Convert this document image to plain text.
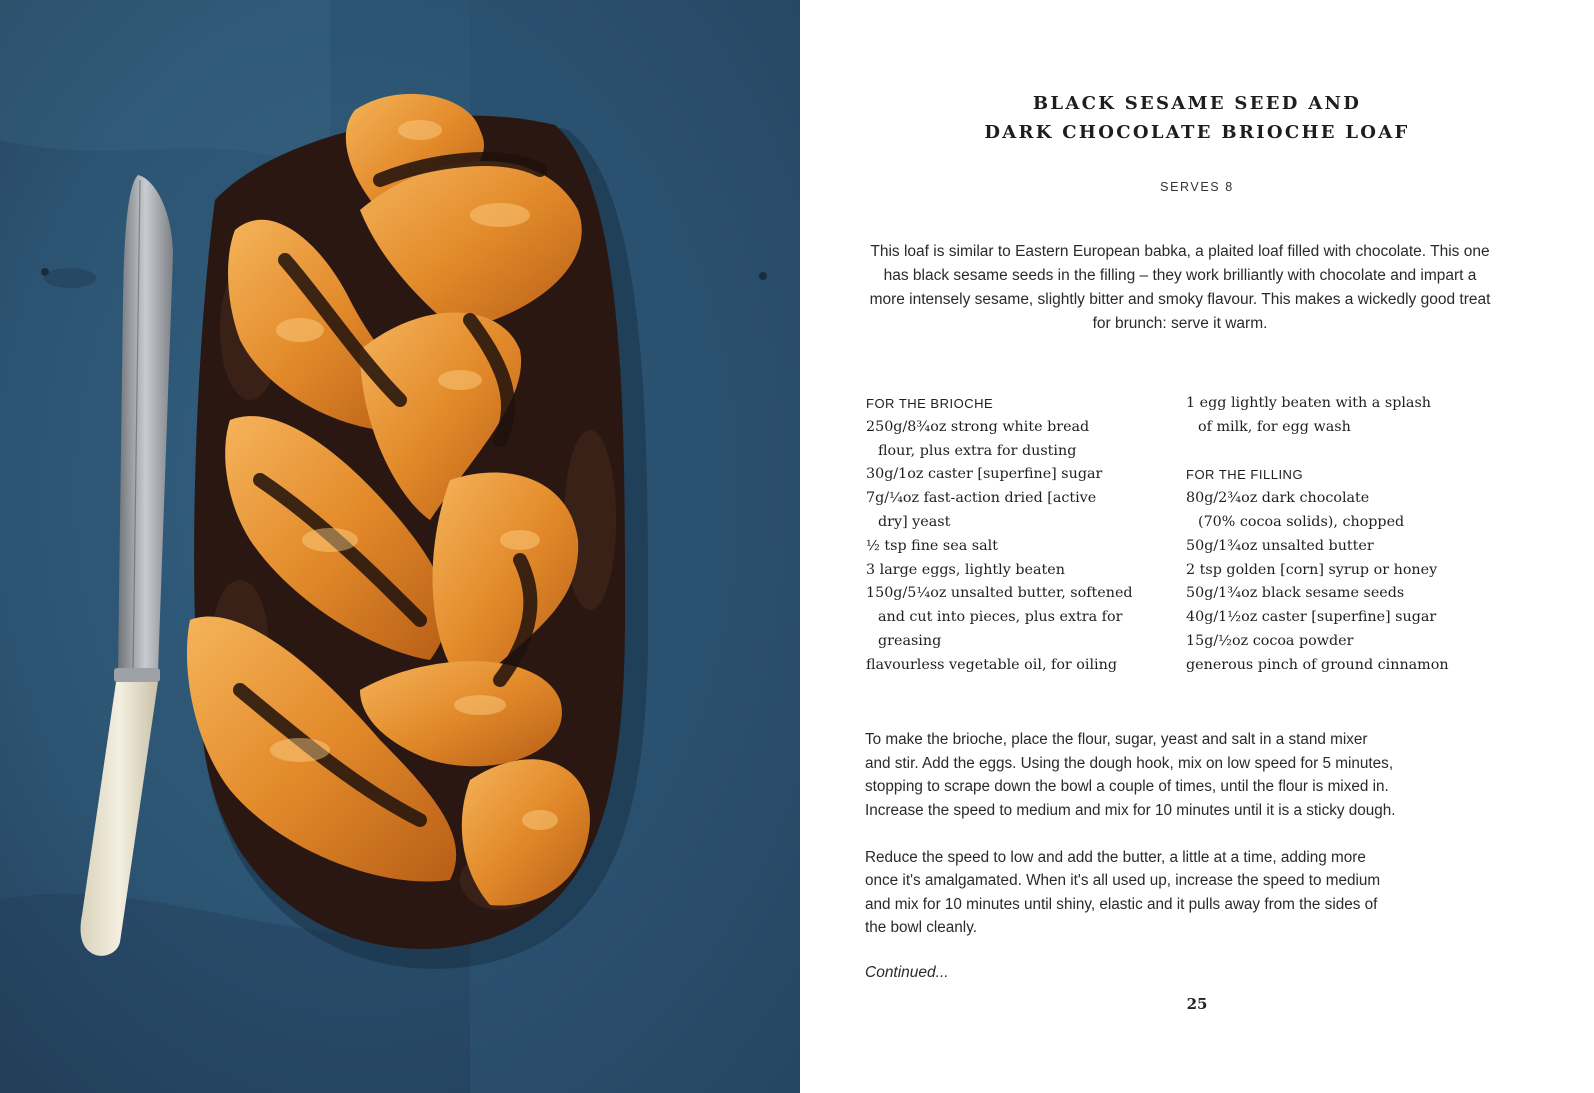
BLACK SESAME SEED AND
DARK CHOCOLATE BRIOCHE LOAF
SERVES 8

This loaf is similar to Eastern European babka, a plaited loaf filled with chocolate. This one has black sesame seeds in the filling – they work brilliantly with chocolate and impart a more intensely sesame, slightly bitter and smoky flavour. This makes a wickedly good treat for brunch: serve it warm.

FOR THE BRIOCHE
250g/8¾oz strong white bread
flour, plus extra for dusting
30g/1oz caster [superfine] sugar
7g/¼oz fast-action dried [active
dry] yeast
½ tsp fine sea salt
3 large eggs, lightly beaten
150g/5¼oz unsalted butter, softened
and cut into pieces, plus extra for
greasing
flavourless vegetable oil, for oiling
1 egg lightly beaten with a splash
of milk, for egg wash
FOR THE FILLING
80g/2¾oz dark chocolate
(70% cocoa solids), chopped
50g/1¾oz unsalted butter
2 tsp golden [corn] syrup or honey
50g/1¾oz black sesame seeds
40g/1½oz caster [superfine] sugar
15g/½oz cocoa powder
generous pinch of ground cinnamon

To make the brioche, place the flour, sugar, yeast and salt in a stand mixer
and stir. Add the eggs. Using the dough hook, mix on low speed for 5 minutes,
stopping to scrape down the bowl a couple of times, until the flour is mixed in.
Increase the speed to medium and mix for 10 minutes until it is a sticky dough.

Reduce the speed to low and add the butter, a little at a time, adding more
once it's amalgamated. When it's all used up, increase the speed to medium
and mix for 10 minutes until shiny, elastic and it pulls away from the sides of
the bowl cleanly.

Continued...
25
